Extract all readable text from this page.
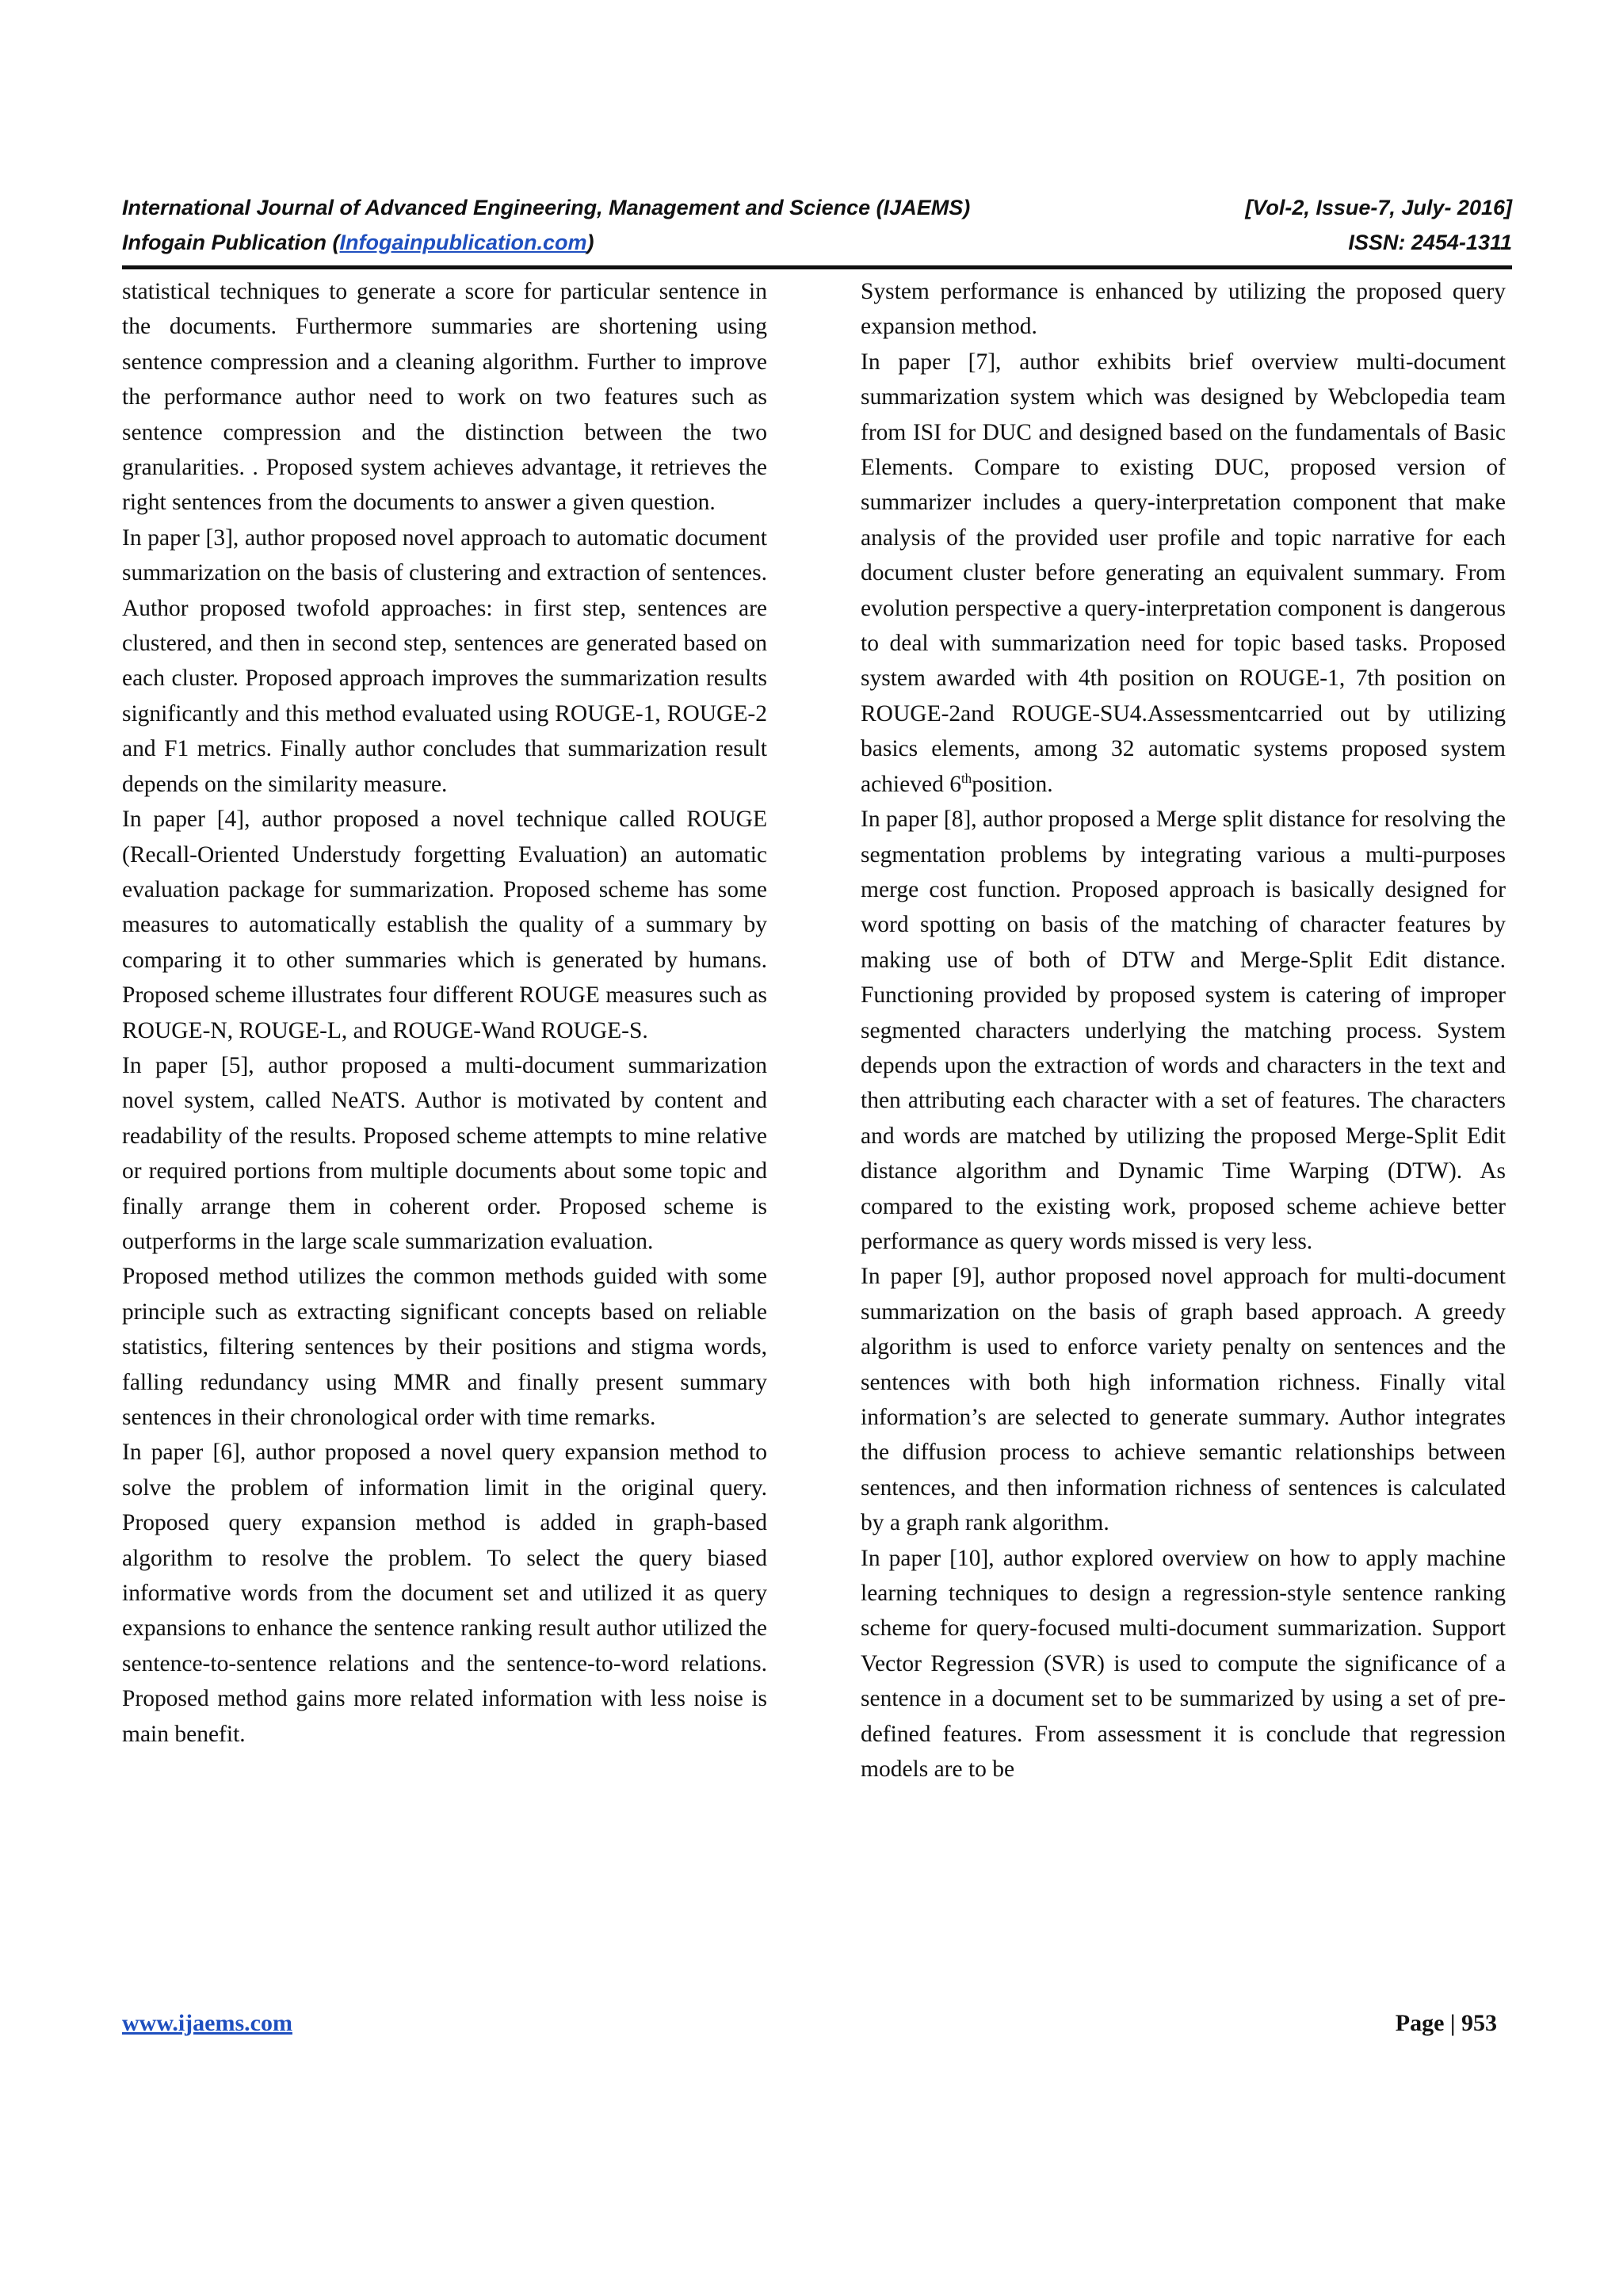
International Journal of Advanced Engineering, Management and Science (IJAEMS)	[Vol-2, Issue-7, July- 2016]
Infogain Publication (Infogainpublication.com)	ISSN: 2454-1311

statistical techniques to generate a score for particular sentence in the documents. Furthermore summaries are shortening using sentence compression and a cleaning algorithm. Further to improve the performance author need to work on two features such as sentence compression and the distinction between the two granularities. . Proposed system achieves advantage, it retrieves the right sentences from the documents to answer a given question.

In paper [3], author proposed novel approach to automatic document summarization on the basis of clustering and extraction of sentences. Author proposed twofold approaches: in first step, sentences are clustered, and then in second step, sentences are generated based on each cluster. Proposed approach improves the summarization results significantly and this method evaluated using ROUGE-1, ROUGE-2 and F1 metrics. Finally author concludes that summarization result depends on the similarity measure.

In paper [4], author proposed a novel technique called ROUGE (Recall-Oriented Understudy forgetting Evaluation) an automatic evaluation package for summarization. Proposed scheme has some measures to automatically establish the quality of a summary by comparing it to other summaries which is generated by humans. Proposed scheme illustrates four different ROUGE measures such as ROUGE-N, ROUGE-L, and ROUGE-Wand ROUGE-S.

In paper [5], author proposed a multi-document summarization novel system, called NeATS. Author is motivated by content and readability of the results. Proposed scheme attempts to mine relative or required portions from multiple documents about some topic and finally arrange them in coherent order. Proposed scheme is outperforms in the large scale summarization evaluation.

Proposed method utilizes the common methods guided with some principle such as extracting significant concepts based on reliable statistics, filtering sentences by their positions and stigma words, falling redundancy using MMR and finally present summary sentences in their chronological order with time remarks.

In paper [6], author proposed a novel query expansion method to solve the problem of information limit in the original query. Proposed query expansion method is added in graph-based algorithm to resolve the problem. To select the query biased informative words from the document set and utilized it as query expansions to enhance the sentence ranking result author utilized the sentence-to-sentence relations and the sentence-to-word relations. Proposed method gains more related information with less noise is main benefit.

System performance is enhanced by utilizing the proposed query expansion method.

In paper [7], author exhibits brief overview multi-document summarization system which was designed by Webclopedia team from ISI for DUC and designed based on the fundamentals of Basic Elements. Compare to existing DUC, proposed version of summarizer includes a query-interpretation component that make analysis of the provided user profile and topic narrative for each document cluster before generating an equivalent summary. From evolution perspective a query-interpretation component is dangerous to deal with summarization need for topic based tasks. Proposed system awarded with 4th position on ROUGE-1, 7th position on ROUGE-2and ROUGE-SU4.Assessmentcarried out by utilizing basics elements, among 32 automatic systems proposed system achieved 6thposition.

In paper [8], author proposed a Merge split distance for resolving the segmentation problems by integrating various a multi-purposes merge cost function. Proposed approach is basically designed for word spotting on basis of the matching of character features by making use of both of DTW and Merge-Split Edit distance. Functioning provided by proposed system is catering of improper segmented characters underlying the matching process. System depends upon the extraction of words and characters in the text and then attributing each character with a set of features. The characters and words are matched by utilizing the proposed Merge-Split Edit distance algorithm and Dynamic Time Warping (DTW). As compared to the existing work, proposed scheme achieve better performance as query words missed is very less.

In paper [9], author proposed novel approach for multi-document summarization on the basis of graph based approach. A greedy algorithm is used to enforce variety penalty on sentences and the sentences with both high information richness. Finally vital information’s are selected to generate summary. Author integrates the diffusion process to achieve semantic relationships between sentences, and then information richness of sentences is calculated by a graph rank algorithm.

In paper [10], author explored overview on how to apply machine learning techniques to design a regression-style sentence ranking scheme for query-focused multi-document summarization. Support Vector Regression (SVR) is used to compute the significance of a sentence in a document set to be summarized by using a set of pre-defined features. From assessment it is conclude that regression models are to be

www.ijaems.com	Page | 953
